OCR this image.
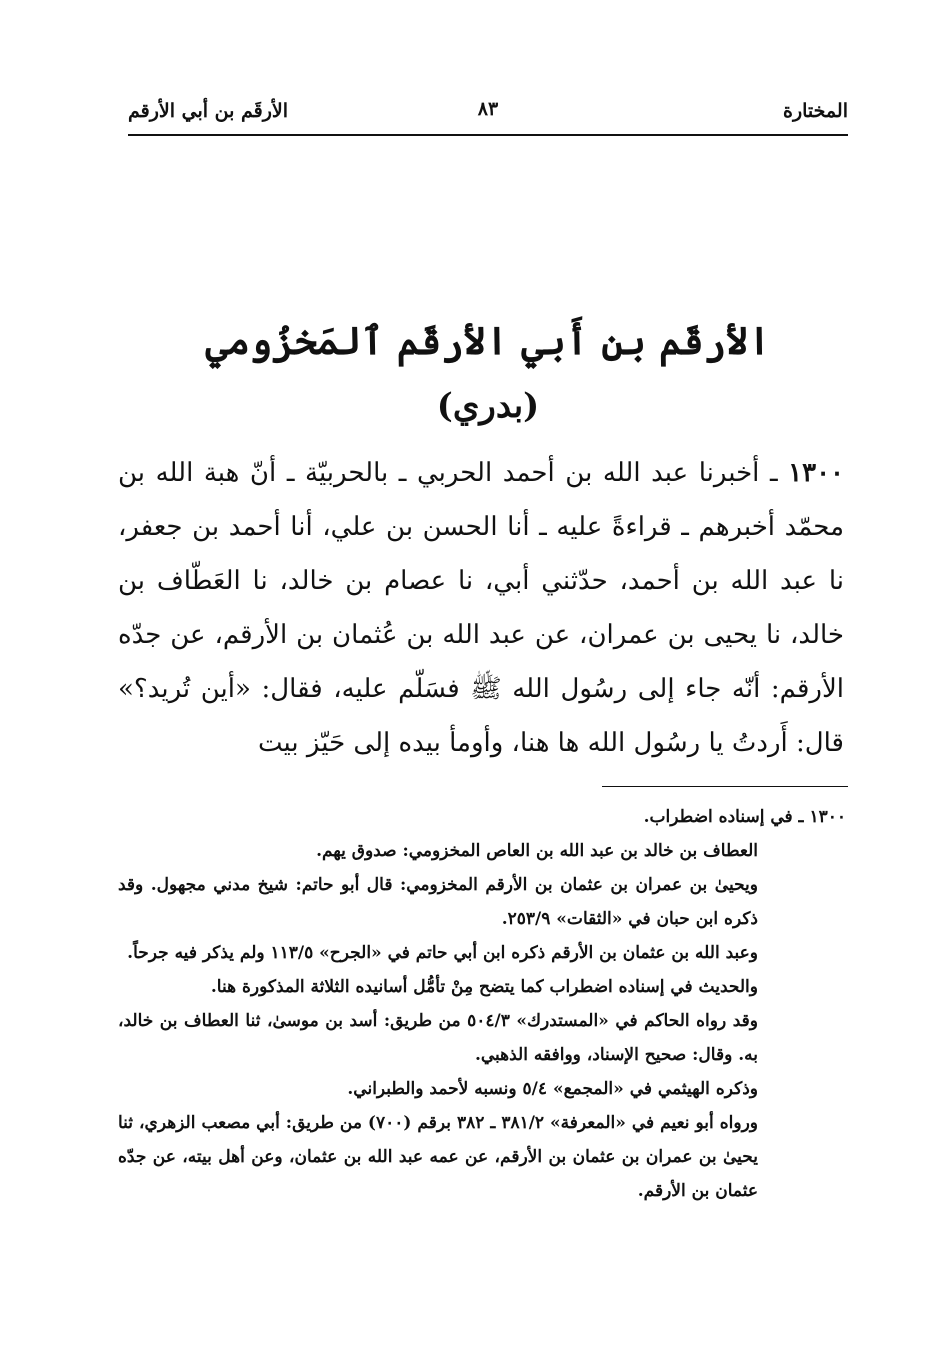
المختارة
٨٣
الأرقَم بن أبي الأرقم
الأرقَم بن أَبي الأرقَم ٱلمَخزُومي
(بدري)
١٣٠٠ ـ أخبرنا عبد الله بن أحمد الحربي ـ بالحربيّة ـ أنّ هبة الله بن محمّد أخبرهم ـ قراءةً عليه ـ أنا الحسن بن علي، أنا أحمد بن جعفر، نا عبد الله بن أحمد، حدّثني أبي، نا عصام بن خالد، نا العَطّاف بن خالد، نا يحيى بن عمران، عن عبد الله بن عُثمان بن الأرقم، عن جدّه الأرقم: أنّه جاء إلى رسُول الله ﷺ فسَلّم عليه، فقال: «أين تُريد؟» قال: أَردتُ يا رسُول الله ها هنا، وأومأ بيده إلى حَيّز بيت

١٣٠٠ ـ في إسناده اضطراب.

العطاف بن خالد بن عبد الله بن العاص المخزومي: صدوق يهم.

ويحيىٰ بن عمران بن عثمان بن الأرقم المخزومي: قال أبو حاتم: شيخ مدني مجهول. وقد ذكره ابن حبان في «الثقات» ٢٥٣/٩.

وعبد الله بن عثمان بن الأرقم ذكره ابن أبي حاتم في «الجرح» ١١٣/٥ ولم يذكر فيه جرحاً.

والحديث في إسناده اضطراب كما يتضح مِنْ تأمُّل أسانيده الثلاثة المذكورة هنا.

وقد رواه الحاكم في «المستدرك» ٥٠٤/٣ من طريق: أسد بن موسىٰ، ثنا العطاف بن خالد، به. وقال: صحيح الإسناد، ووافقه الذهبي.

وذكره الهيثمي في «المجمع» ٥/٤ ونسبه لأحمد والطبراني.

ورواه أبو نعيم في «المعرفة» ٣٨١/٢ ـ ٣٨٢ برقم (٧٠٠) من طريق: أبي مصعب الزهري، ثنا يحيىٰ بن عمران بن عثمان بن الأرقم، عن عمه عبد الله بن عثمان، وعن أهل بيته، عن جدّه عثمان بن الأرقم.
